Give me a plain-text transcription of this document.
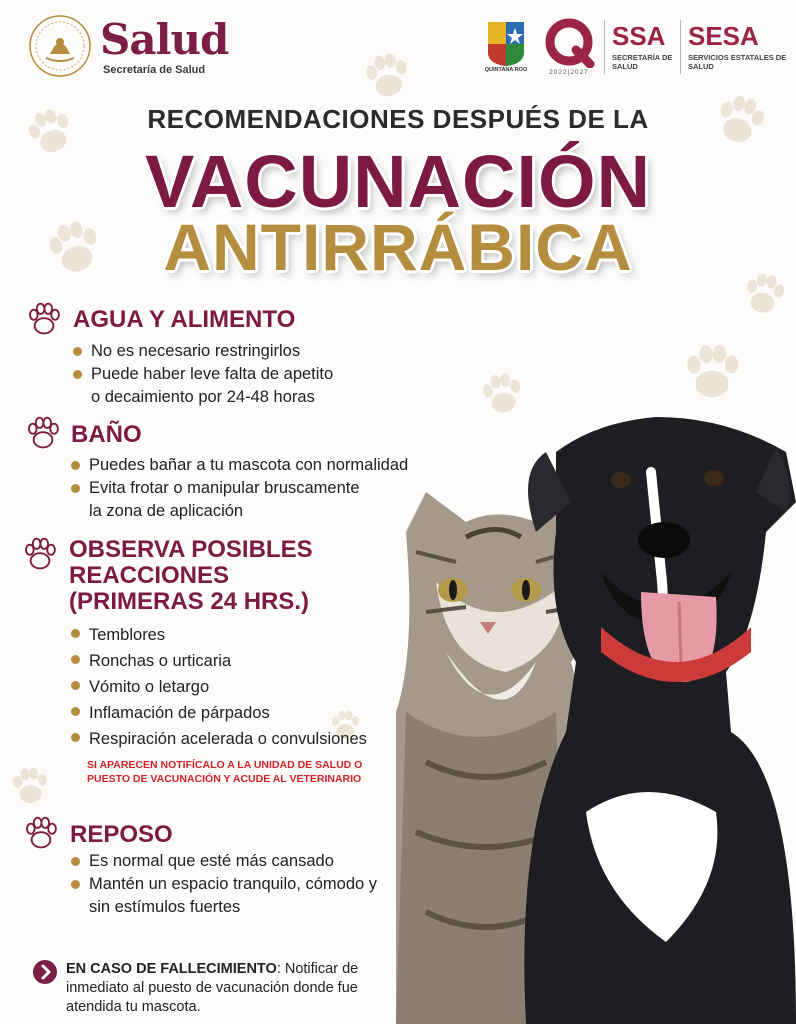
Salud
Secretaría de Salud	QUINTANA ROO	2022|2027
SSA
SECRETARÍA DE SALUD
SESA
SERVICIOS ESTATALES DE SALUD
RECOMENDACIONES DESPUÉS DE LA
VACUNACIÓN
ANTIRRÁBICA
AGUA Y ALIMENTO
No es necesario restringirlos
Puede haber leve falta de apetito
o decaimiento por 24-48 horas
BAÑO
Puedes bañar a tu mascota con normalidad
Evita frotar o manipular bruscamente
la zona de aplicación
OBSERVA POSIBLES
REACCIONES
(PRIMERAS 24 HRS.)
Temblores
Ronchas o urticaria
Vómito o letargo
Inflamación de párpados
Respiración acelerada o convulsiones
SI APARECEN NOTIFÍCALO A LA UNIDAD DE SALUD O PUESTO DE VACUNACIÓN Y ACUDE AL VETERINARIO
REPOSO
Es normal que esté más cansado
Mantén un espacio tranquilo, cómodo y
sin estímulos fuertes
EN CASO DE FALLECIMIENTO: Notificar de inmediato al puesto de vacunación donde fue atendida tu mascota.
